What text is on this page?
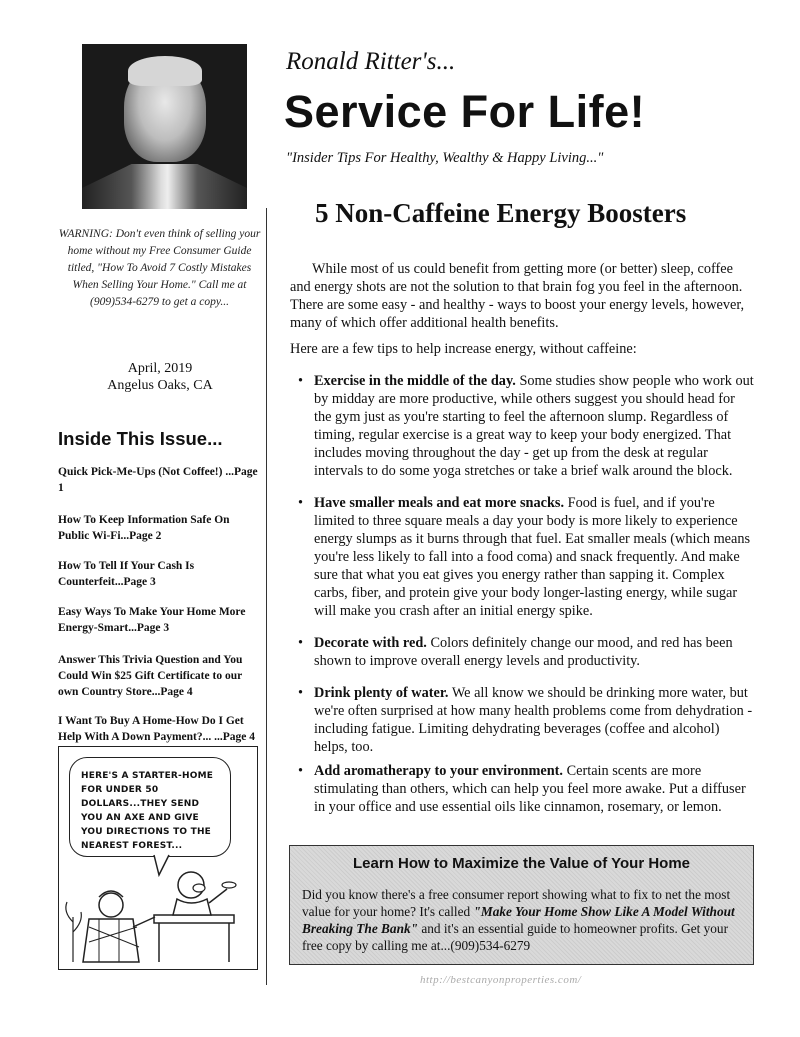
WARNING: Don't even think of selling your home without my Free Consumer Guide titled, "How To Avoid 7 Costly Mistakes When Selling Your Home." Call me at (909)534-6279 to get a copy...
April, 2019
Angelus Oaks, CA
Inside This Issue...
Quick Pick-Me-Ups (Not Coffee!) ...Page 1
How To Keep Information Safe On Public Wi-Fi...Page 2
How To Tell If Your Cash Is Counterfeit...Page 3
Easy Ways To Make Your Home More Energy-Smart...Page 3
Answer This Trivia Question and You Could Win $25 Gift Certificate to our own Country Store...Page 4
I Want To Buy A Home-How Do I Get Help With A Down Payment?... ...Page 4
HERE'S A STARTER-HOME FOR UNDER 50 DOLLARS...THEY SEND YOU AN AXE AND GIVE YOU DIRECTIONS TO THE NEAREST FOREST...
Ronald Ritter's...
Service For Life!
"Insider Tips For Healthy, Wealthy & Happy Living..."
5 Non-Caffeine Energy Boosters
While most of us could benefit from getting more (or better) sleep, coffee and energy shots are not the solution to that brain fog you feel in the afternoon. There are some easy - and healthy - ways to boost your energy levels, however, many of which offer additional health benefits.
Here are a few tips to help increase energy, without caffeine:
• Exercise in the middle of the day. Some studies show people who work out by midday are more productive, while others suggest you should head for the gym just as you're starting to feel the afternoon slump. Regardless of timing, regular exercise is a great way to keep your body energized. That includes moving throughout the day - get up from the desk at regular intervals to do some yoga stretches or take a brief walk around the block.
• Have smaller meals and eat more snacks. Food is fuel, and if you're limited to three square meals a day your body is more likely to experience energy slumps as it burns through that fuel. Eat smaller meals (which means you're less likely to fall into a food coma) and snack frequently. And make sure that what you eat gives you energy rather than sapping it. Complex carbs, fiber, and protein give your body longer-lasting energy, while sugar will make you crash after an initial energy spike.
• Decorate with red. Colors definitely change our mood, and red has been shown to improve overall energy levels and productivity.
• Drink plenty of water. We all know we should be drinking more water, but we're often surprised at how many health problems come from dehydration - including fatigue. Limiting dehydrating beverages (coffee and alcohol) helps, too.
• Add aromatherapy to your environment. Certain scents are more stimulating than others, which can help you feel more awake. Put a diffuser in your office and use essential oils like cinnamon, rosemary, or lemon.
Learn How to Maximize the Value of Your Home
Did you know there's a free consumer report showing what to fix to net the most value for your home? It's called "Make Your Home Show Like A Model Without Breaking The Bank" and it's an essential guide to homeowner profits. Get your free copy by calling me at...(909)534-6279
http://bestcanyonproperties.com/
